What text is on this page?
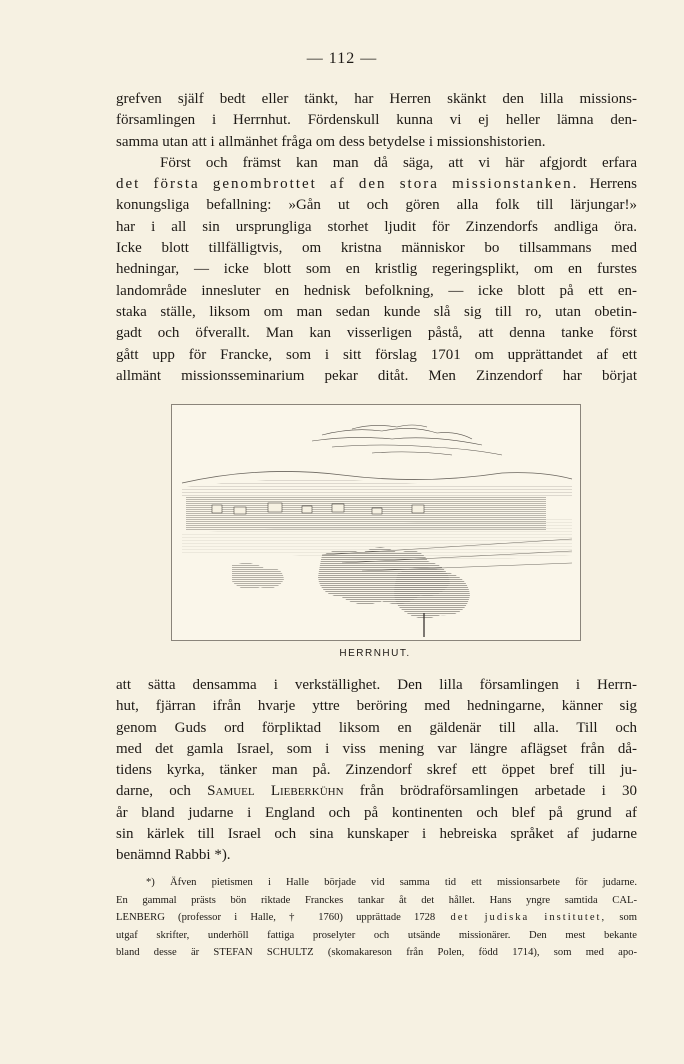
— 112 —
grefven själf bedt eller tänkt, har Herren skänkt den lilla missions-
församlingen i Herrnhut. Fördenskull kunna vi ej heller lämna den-
samma utan att i allmänhet fråga om dess betydelse i missionshistorien.
Först och främst kan man då säga, att vi här afgjordt erfara
det första genombrottet af den stora missionstanken. Herrens
konungsliga befallning: »Gån ut och gören alla folk till lärjungar!»
har i all sin ursprungliga storhet ljudit för Zinzendorfs andliga öra.
Icke blott tillfälligtvis, om kristna människor bo tillsammans med
hedningar, — icke blott som en kristlig regeringsplikt, om en furstes
landområde innesluter en hednisk befolkning, — icke blott på ett en-
staka ställe, liksom om man sedan kunde slå sig till ro, utan obetin-
gadt och öfverallt. Man kan visserligen påstå, att denna tanke först
gått upp för Francke, som i sitt förslag 1701 om upprättandet af ett
allmänt missionsseminarium pekar ditåt. Men Zinzendorf har börjat
HERRNHUT.
att sätta densamma i verkställighet. Den lilla församlingen i Herrn-
hut, fjärran ifrån hvarje yttre beröring med hedningarne, känner sig
genom Guds ord förpliktad liksom en gäldenär till alla. Till och
med det gamla Israel, som i viss mening var längre aflägset från då-
tidens kyrka, tänker man på. Zinzendorf skref ett öppet bref till ju-
darne, och Samuel Lieberkühn från brödraförsamlingen arbetade i 30
år bland judarne i England och på kontinenten och blef på grund af
sin kärlek till Israel och sina kunskaper i hebreiska språket af judarne
benämnd Rabbi *).
*) Äfven pietismen i Halle började vid samma tid ett missionsarbete för judarne.
En gammal prästs bön riktade Franckes tankar åt det hållet. Hans yngre samtida CAL-
LENBERG (professor i Halle, † 1760) upprättade 1728 det judiska institutet, som
utgaf skrifter, underhöll fattiga proselyter och utsände missionärer. Den mest bekante
bland desse är STEFAN SCHULTZ (skomakareson från Polen, född 1714), som med apo-
